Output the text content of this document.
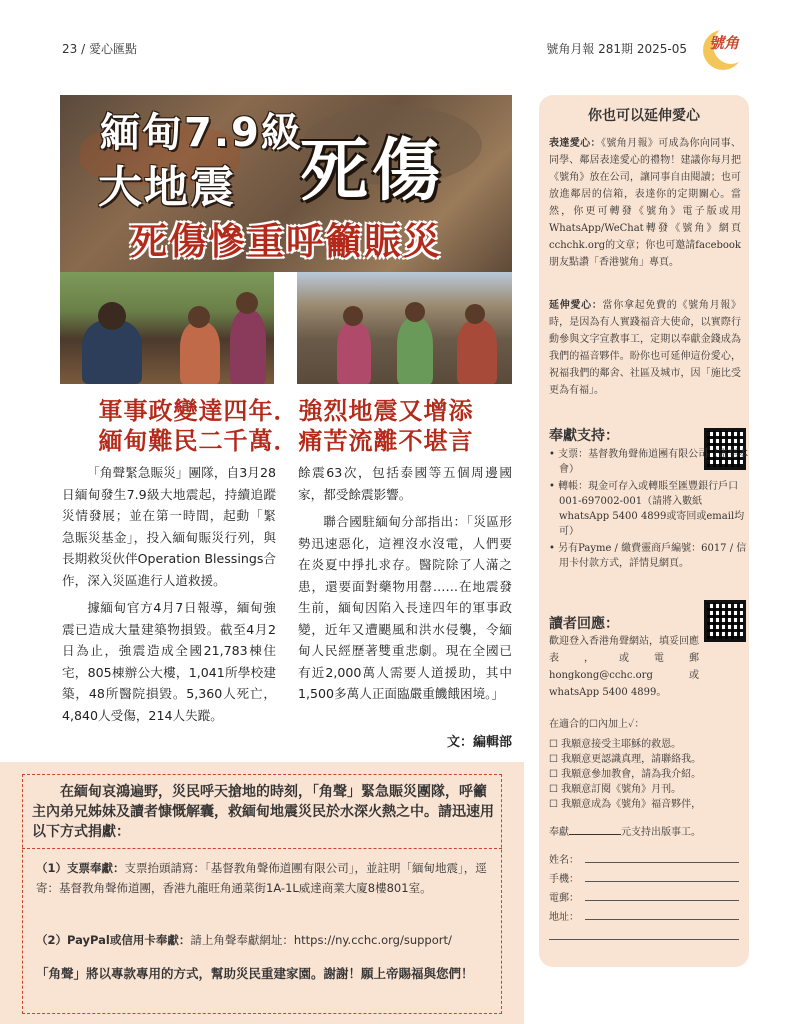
23 / 愛心匯點	號角月報 281期 2025-05 號角
緬甸7.9級
大地震 死傷
死傷慘重呼籲賑災
軍事政變達四年．強烈地震又增添
緬甸難民二千萬．痛苦流離不堪言

「角聲緊急賑災」團隊，自3月28日緬甸發生7.9級大地震起，持續追蹤災情發展；並在第一時間，起動「緊急賑災基金」，投入緬甸賑災行列，與長期救災伙伴Operation Blessings合作，深入災區進行人道救援。

據緬甸官方4月7日報導，緬甸強震已造成大量建築物損毀。截至4月2日為止，強震造成全國21,783棟住宅，805棟辦公大樓，1,041所學校建築，48所醫院損毀。5,360人死亡，4,840人受傷，214人失蹤。

餘震63次，包括泰國等五個周邊國家，都受餘震影響。

聯合國駐緬甸分部指出：「災區形勢迅速惡化，這裡沒水沒電，人們要在炎夏中掙扎求存。醫院除了人滿之患，還要面對藥物用罄……在地震發生前，緬甸因陷入長達四年的軍事政變，近年又遭颶風和洪水侵襲，令緬甸人民經歷著雙重悲劇。現在全國已有近2,000萬人需要人道援助，其中1,500多萬人正面臨嚴重饑餓困境。」

文：編輯部
在緬甸哀鴻遍野，災民呼天搶地的時刻，「角聲」緊急賑災團隊，呼籲主內弟兄姊妹及讀者慷慨解囊，救緬甸地震災民於水深火熱之中。請迅速用以下方式捐獻：
（1）支票奉獻：支票抬頭請寫：「基督教角聲佈道團有限公司」，並註明「緬甸地震」，逕寄：基督教角聲佈道團，香港九龍旺角通菜街1A-1L威達商業大廈8樓801室。
（2）PayPal或信用卡奉獻：請上角聲奉獻網址：https://ny.cchc.org/support/
「角聲」將以專款專用的方式，幫助災民重建家園。謝謝！願上帝賜福與您們！
你也可以延伸愛心
表達愛心：《號角月報》可成為你向同事、同學、鄰居表達愛心的禮物！建議你每月把《號角》放在公司，讓同事自由閱讀；也可放進鄰居的信箱，表達你的定期關心。當然，你更可轉發《號角》電子版或用WhatsApp/WeChat轉發《號角》網頁cchchk.org的文章；你也可邀請facebook朋友點讚「香港號角」專頁。
延伸愛心：當你拿起免費的《號角月報》時，是因為有人實踐福音大使命，以實際行動參與文字宣教事工，定期以奉獻金錢成為我們的福音夥伴。盼你也可延伸這份愛心，祝福我們的鄰舍、社區及城市，因「施比受更為有福」。
奉獻支持：
• 支票：基督教角聲佈道團有限公司（寄至本會）
• 轉帳：現金可存入或轉賬至匯豐銀行戶口001-697002-001（請將入數紙whatsApp 5400 4899或寄回或email均可）
• 另有Payme / 繳費靈商戶編號：6017 / 信用卡付款方式，詳情見網頁。
讀者回應：
歡迎登入香港角聲網站，填妥回應表，或電郵hongkong@cchc.org或whatsApp 5400 4899。
在適合的☐內加上✓：
☐ 我願意接受主耶穌的救恩。
☐ 我願意更認識真理，請聯絡我。
☐ 我願意參加教會，請為我介紹。
☐ 我願意訂閱《號角》月刊。
☐ 我願意成為《號角》福音夥伴，
奉獻	元支持出版事工。
姓名：
手機：
電郵：
地址：
